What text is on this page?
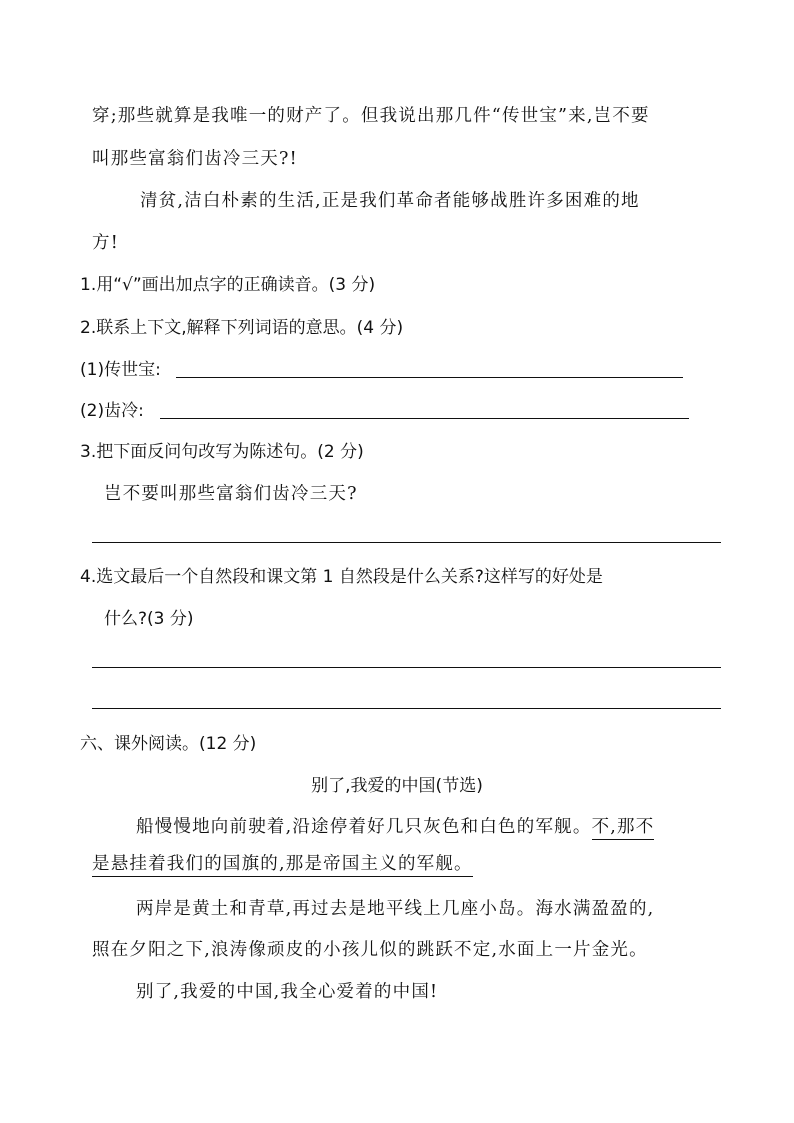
穿;那些就算是我唯一的财产了。但我说出那几件“传世宝”来,岂不要
叫那些富翁们齿冷三天?!
清贫,洁白朴素的生活,正是我们革命者能够战胜许多困难的地
方!
1.用“√”画出加点字的正确读音。(3 分)
2.联系上下文,解释下列词语的意思。(4 分)
(1)传世宝:
(2)齿冷:
3.把下面反问句改写为陈述句。(2 分)
岂不要叫那些富翁们齿冷三天?
4.选文最后一个自然段和课文第 1 自然段是什么关系?这样写的好处是
什么?(3 分)
六、课外阅读。(12 分)
别了,我爱的中国(节选)
船慢慢地向前驶着,沿途停着好几只灰色和白色的军舰。不,那不
是悬挂着我们的国旗的,那是帝国主义的军舰。
两岸是黄土和青草,再过去是地平线上几座小岛。海水满盈盈的,
照在夕阳之下,浪涛像顽皮的小孩儿似的跳跃不定,水面上一片金光。
别了,我爱的中国,我全心爱着的中国!
